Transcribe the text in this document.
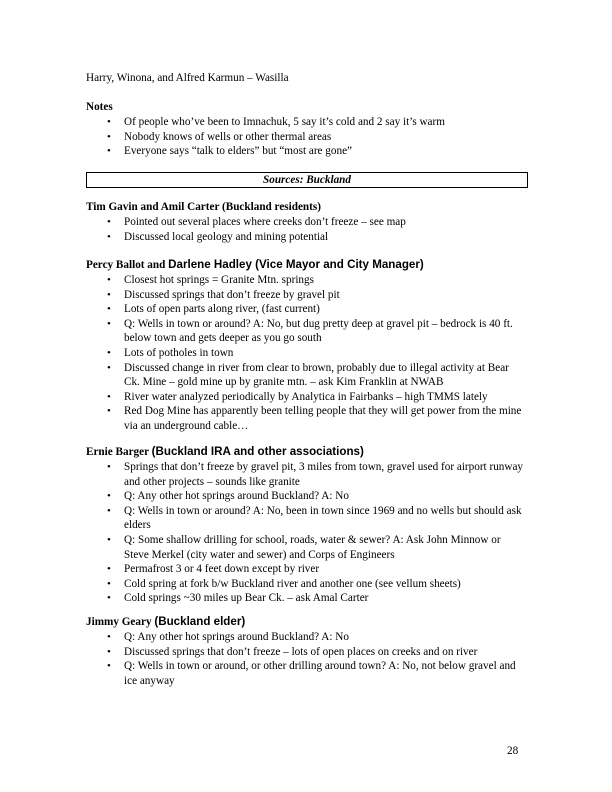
Harry, Winona, and Alfred Karmun – Wasilla
Notes
• Of people who’ve been to Imnachuk, 5 say it’s cold and 2 say it’s warm
• Nobody knows of wells or other thermal areas
• Everyone says “talk to elders” but “most are gone”
Sources: Buckland
Tim Gavin and Amil Carter (Buckland residents)
• Pointed out several places where creeks don’t freeze – see map
• Discussed local geology and mining potential
Percy Ballot and Darlene Hadley (Vice Mayor and City Manager)
• Closest hot springs = Granite Mtn. springs
• Discussed springs that don’t freeze by gravel pit
• Lots of open parts along river, (fast current)
• Q: Wells in town or around? A: No, but dug pretty deep at gravel pit – bedrock is 40 ft. below town and gets deeper as you go south
• Lots of potholes in town
• Discussed change in river from clear to brown, probably due to illegal activity at Bear Ck. Mine – gold mine up by granite mtn. – ask Kim Franklin at NWAB
• River water analyzed periodically by Analytica in Fairbanks – high TMMS lately
• Red Dog Mine has apparently been telling people that they will get power from the mine via an underground cable…
Ernie Barger (Buckland IRA and other associations)
• Springs that don’t freeze by gravel pit, 3 miles from town, gravel used for airport runway and other projects – sounds like granite
• Q: Any other hot springs around Buckland? A: No
• Q: Wells in town or around? A: No, been in town since 1969 and no wells but should ask elders
• Q: Some shallow drilling for school, roads, water & sewer? A: Ask John Minnow or Steve Merkel (city water and sewer) and Corps of Engineers
• Permafrost 3 or 4 feet down except by river
• Cold spring at fork b/w Buckland river and another one (see vellum sheets)
• Cold springs ~30 miles up Bear Ck. – ask Amal Carter
Jimmy Geary (Buckland elder)
• Q: Any other hot springs around Buckland? A: No
• Discussed springs that don’t freeze – lots of open places on creeks and on river
• Q: Wells in town or around, or other drilling around town? A: No, not below gravel and ice anyway
28
